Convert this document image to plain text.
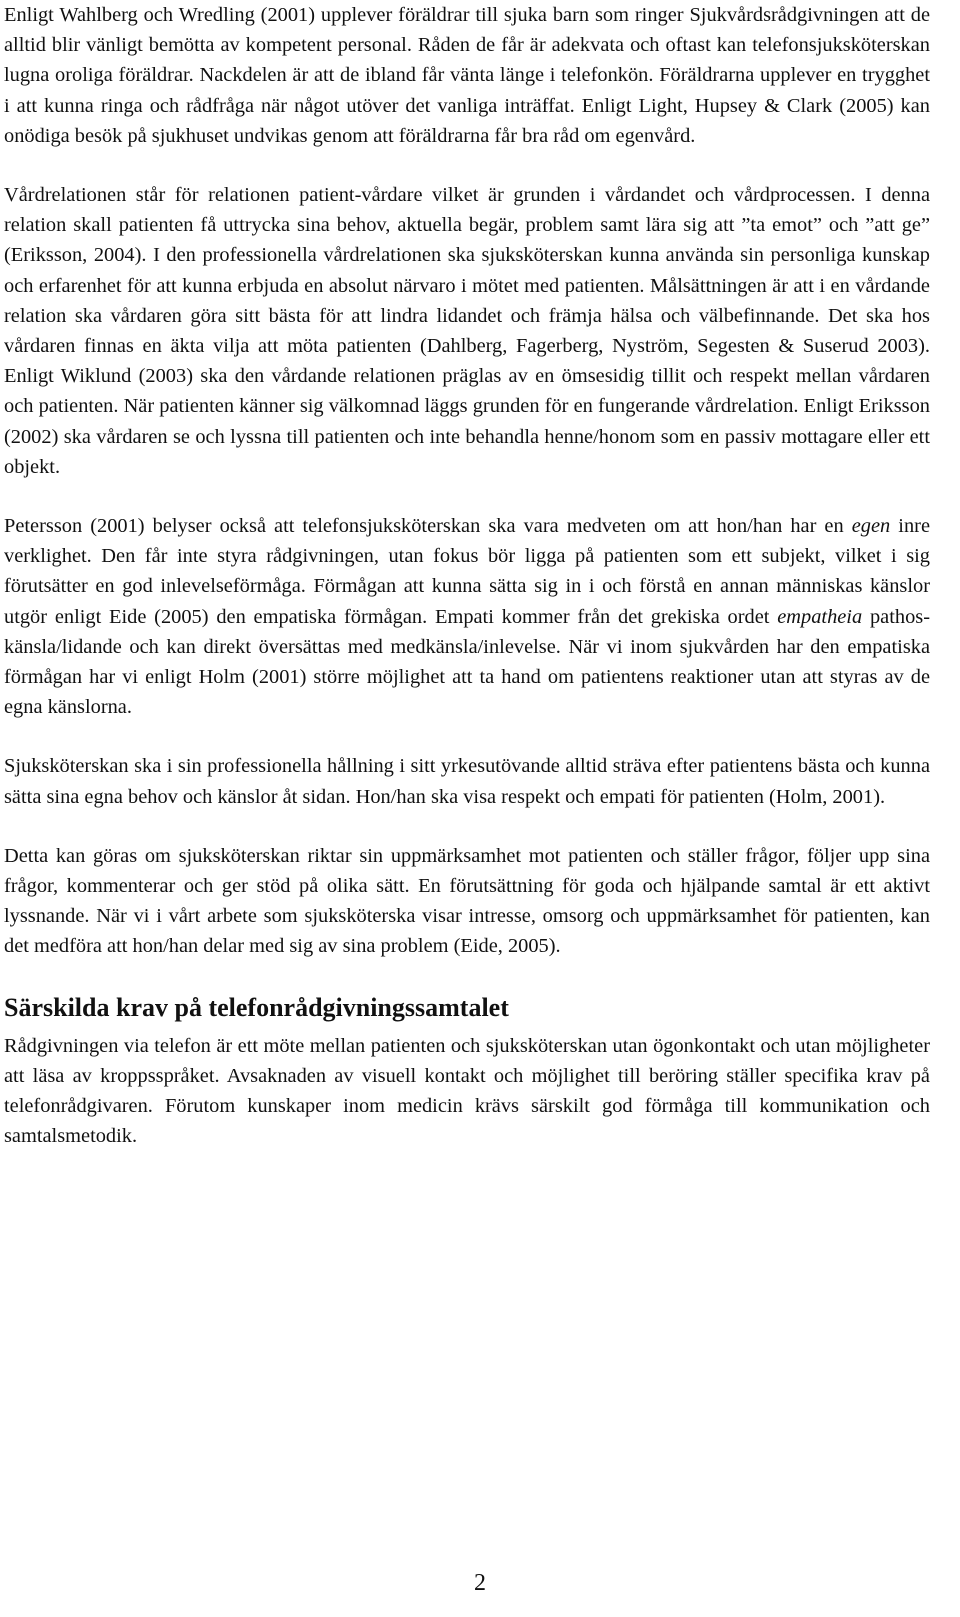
Enligt Wahlberg och Wredling (2001) upplever föräldrar till sjuka barn som ringer Sjukvårdsrådgivningen att de alltid blir vänligt bemötta av kompetent personal. Råden de får är adekvata och oftast kan telefonsjuksköterskan lugna oroliga föräldrar. Nackdelen är att de ibland får vänta länge i telefonkön. Föräldrarna upplever en trygghet i att kunna ringa och rådfråga när något utöver det vanliga inträffat. Enligt Light, Hupsey & Clark (2005) kan onödiga besök på sjukhuset undvikas genom att föräldrarna får bra råd om egenvård.

Vårdrelationen står för relationen patient-vårdare vilket är grunden i vårdandet och vårdprocessen. I denna relation skall patienten få uttrycka sina behov, aktuella begär, problem samt lära sig att ”ta emot” och ”att ge” (Eriksson, 2004). I den professionella vårdrelationen ska sjuksköterskan kunna använda sin personliga kunskap och erfarenhet för att kunna erbjuda en absolut närvaro i mötet med patienten. Målsättningen är att i en vårdande relation ska vårdaren göra sitt bästa för att lindra lidandet och främja hälsa och välbefinnande. Det ska hos vårdaren finnas en äkta vilja att möta patienten (Dahlberg, Fagerberg, Nyström, Segesten & Suserud 2003). Enligt Wiklund (2003) ska den vårdande relationen präglas av en ömsesidig tillit och respekt mellan vårdaren och patienten. När patienten känner sig välkomnad läggs grunden för en fungerande vårdrelation. Enligt Eriksson (2002) ska vårdaren se och lyssna till patienten och inte behandla henne/honom som en passiv mottagare eller ett objekt.

Petersson (2001) belyser också att telefonsjuksköterskan ska vara medveten om att hon/han har en egen inre verklighet. Den får inte styra rådgivningen, utan fokus bör ligga på patienten som ett subjekt, vilket i sig förutsätter en god inlevelseförmåga. Förmågan att kunna sätta sig in i och förstå en annan människas känslor utgör enligt Eide (2005) den empatiska förmågan. Empati kommer från det grekiska ordet empatheia pathos-känsla/lidande och kan direkt översättas med medkänsla/inlevelse. När vi inom sjukvården har den empatiska förmågan har vi enligt Holm (2001) större möjlighet att ta hand om patientens reaktioner utan att styras av de egna känslorna.

Sjuksköterskan ska i sin professionella hållning i sitt yrkesutövande alltid sträva efter patientens bästa och kunna sätta sina egna behov och känslor åt sidan. Hon/han ska visa respekt och empati för patienten (Holm, 2001).

Detta kan göras om sjuksköterskan riktar sin uppmärksamhet mot patienten och ställer frågor, följer upp sina frågor, kommenterar och ger stöd på olika sätt. En förutsättning för goda och hjälpande samtal är ett aktivt lyssnande. När vi i vårt arbete som sjuksköterska visar intresse, omsorg och uppmärksamhet för patienten, kan det medföra att hon/han delar med sig av sina problem (Eide, 2005).

Särskilda krav på telefonrådgivningssamtalet

Rådgivningen via telefon är ett möte mellan patienten och sjuksköterskan utan ögonkontakt och utan möjligheter att läsa av kroppsspråket. Avsaknaden av visuell kontakt och möjlighet till beröring ställer specifika krav på telefonrådgivaren. Förutom kunskaper inom medicin krävs särskilt god förmåga till kommunikation och samtalsmetodik.

2
